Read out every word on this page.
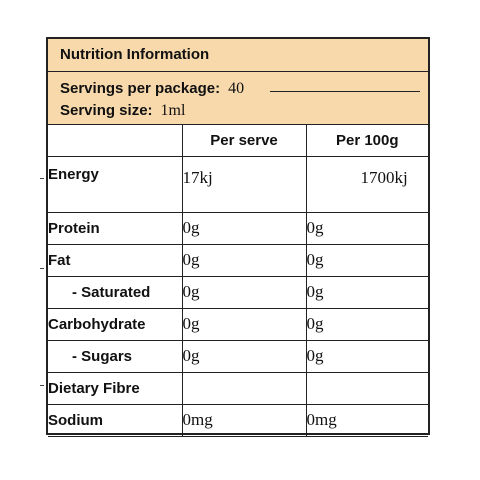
Nutrition Information
Servings per package: 40
Serving size: 1ml
	Per serve	Per 100g
Energy	17kj	1700kj
Protein	0g	0g
Fat	0g	0g
- Saturated	0g	0g
Carbohydrate	0g	0g
- Sugars	0g	0g
Dietary Fibre		
Sodium	0mg	0mg
